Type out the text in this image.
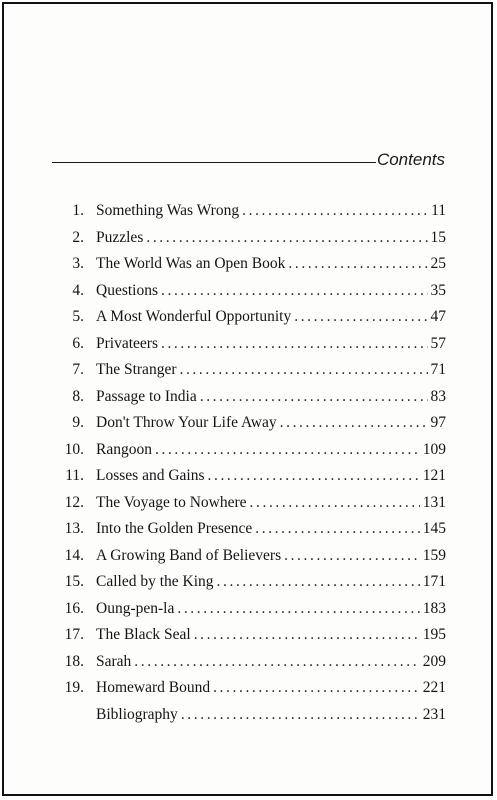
Contents
1. Something Was Wrong .....	11
2. Puzzles .....	15
3. The World Was an Open Book .....	25
4. Questions .....	35
5. A Most Wonderful Opportunity .....	47
6. Privateers .....	57
7. The Stranger .....	71
8. Passage to India .....	83
9. Don't Throw Your Life Away .....	97
10. Rangoon .....	109
11. Losses and Gains .....	121
12. The Voyage to Nowhere .....	131
13. Into the Golden Presence .....	145
14. A Growing Band of Believers .....	159
15. Called by the King .....	171
16. Oung-pen-la .....	183
17. The Black Seal .....	195
18. Sarah .....	209
19. Homeward Bound .....	221
Bibliography .....	231
